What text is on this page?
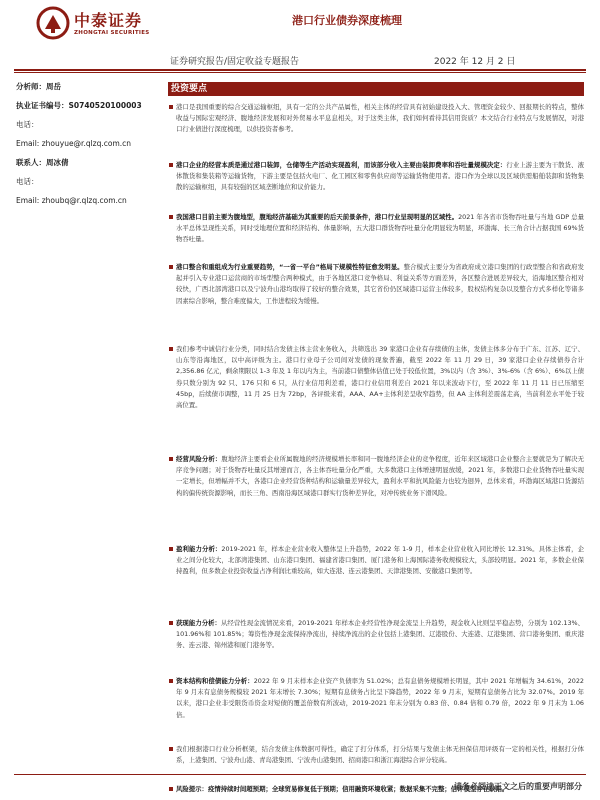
中泰证券
ZHONGTAI SECURITIES
港口行业债券深度梳理
证券研究报告/固定收益专题报告	2022 年 12 月 2 日
分析师：周岳
执业证书编号：S0740520100003
电话：
Email: zhouyue@r.qlzq.com.cn
联系人：周冰倩
电话：
Email: zhoubq@r.qlzq.com.cn
投资要点
港口是我国重要的综合交通运输枢纽，具有一定的公共产品属性，相关主体的经营具有初始建设投入大、管理资金较少、回报期长的特点，整体收益与国际宏观经济、腹地经济发展和对外贸易水平息息相关，对于这类主体，我们如何看待其信用资质？本文结合行业特点与发展情况，对港口行业债进行深度梳理，以供投资者参考。
港口企业的经营本质是通过港口装卸，仓储等生产活动实现盈利，而该部分收入主要由装卸费率和吞吐量规模决定：行业上游主要为干散货、液体散货和集装箱等运输货物，下游主要是包括火电厂、化工园区和零售供应商等运输货物使用者。港口作为全球以及区域供需船舶装卸和货物集散的运输枢纽，具有较强的区域垄断地位和议价能力。
我国港口目前主要为腹地型，腹地经济基础为其重要的后天前景条件，港口行业呈现明显的区域性。2021 年各省市货物吞吐量与当地 GDP 总量水平总体呈现性关系，同时受地理位置和经济结构、体量影响，五大港口群货物吞吐量分化明显较为明显，环渤海、长三角合计占据我国 69%货物吞吐量。
港口整合和重组成为行业重要趋势，“一省一平台”格局下规模性特征愈发明显。整合模式主要分为省政府成立港口集团的行政型整合和省政府发起并引入专业港口运营商的市场型整合两种模式，由于各地区港口竞争格局、利益关系等方面差异，各区整合进展差异较大，沿海地区整合相对较快，广西北部湾港口以及宁波舟山港均取得了较好的整合效果，其它省份仍区域港口运营主体较多，股权结构复杂以及整合方式多样化等诸多因素综合影响，整合难度偏大，工作进程较为缓慢。
我们参考中诚信行业分类，同时结合发债主体主营业务收入，共筛选出 39 家港口企业有存续债的主体，发债主体多分布于广东、江苏、辽宁、山东等沿海地区，以中高评级为主。港口行业母子公司间对发债的现象普遍，截至 2022 年 11 月 29 日，39 家港口企业存续债券合计 2,356.86 亿元，剩余期限以 1-3 年及 1 年以内为主，当前港口债整体估值已处于较低位置，3%以内（含 3%）、3%-6%（含 6%）、6%以上债券只数分别为 92 只、176 只和 6 只，从行业信用利差看，港口行业信用利差自 2021 年以来波动下行，至 2022 年 11 月 11 日已压缩至 45bp，后续债市调整，11 月 25 日为 72bp，各评级来看，AAA、AA+主体利差呈收窄趋势，但 AA 主体利差震荡走高，当前利差水平处于较高位置。
经营风险分析：腹地经济主要看企业所属腹地的经济规模增长率和同一腹地经济企业的竞争程度，近年来区域港口企业整合主要就是为了解决无序竞争问题；对于货物吞吐量反其增速而言，各主体吞吐量分化严重，大多数港口主体增速明显放缓，2021 年，多数港口企业货物吞吐量实现一定增长，但增幅并不大，各港口企业经营货种结构和运输量差异较大，盈利水平和抗风险能力也较为迥异，总体来看，环渤海区域港口货源结构的偏传统资源影响，而长三角、西南沿海区域港口群实行货种差异化，对冲传统业务下滑风险。
盈利能力分析：2019-2021 年，样本企业营业收入整体呈上升趋势，2022 年 1-9 月，样本企业营业收入同比增长 12.31%。具体主体看，企业之间分化较大，北部湾港集团、山东港口集团、福建省港口集团、厦门港务和上海国际港务收规模较大，头部较明显。2021 年，多数企业保持盈利，但多数企业投资收益占净利润比重较高，如大连港、连云港集团、天津港集团、安徽港口集团等。
获现能力分析：从经营性现金流情况来看，2019-2021 年样本企业经营性净现金流呈上升趋势，现金收入比则呈平稳态势，分别为 102.13%、101.96%和 101.85%；筹资性净现金流保持净流出，持续净流出的企业包括上港集团、辽港股份、大连港、辽港集团、营口港务集团、重庆港务、连云港、锦州港和厦门港务等。
资本结构和偿债能力分析：2022 年 9 月末样本企业资产负债率为 51.02%；总有息债务规模增长明显，其中 2021 年增幅为 34.61%，2022 年 9 月末有息债务规模较 2021 年末增长 7.30%；短期有息债务占比呈下降趋势，2022 年 9 月末，短期有息债务占比为 32.07%。2019 年以来，港口企业非受限货币资金对短债的覆盖倍数有所波动，2019-2021 年末分别为 0.83 倍、0.84 倍和 0.79 倍，2022 年 9 月末为 1.06 倍。
我们根据港口行业分析框架，结合发债主体数据可得性，确定了打分体系，打分结果与发债主体无担保信用评级有一定的相关性，根据打分体系，上港集团、宁波舟山港、青岛港集团、宁波舟山港集团、招商港口和浙江海港综合评分较高。
风险提示：疫情持续时间超预期；全球贸易修复低于预期；信用融资环境收紧；数据采集不完整；信评模型存在缺陷。
请务必阅读正文之后的重要声明部分
